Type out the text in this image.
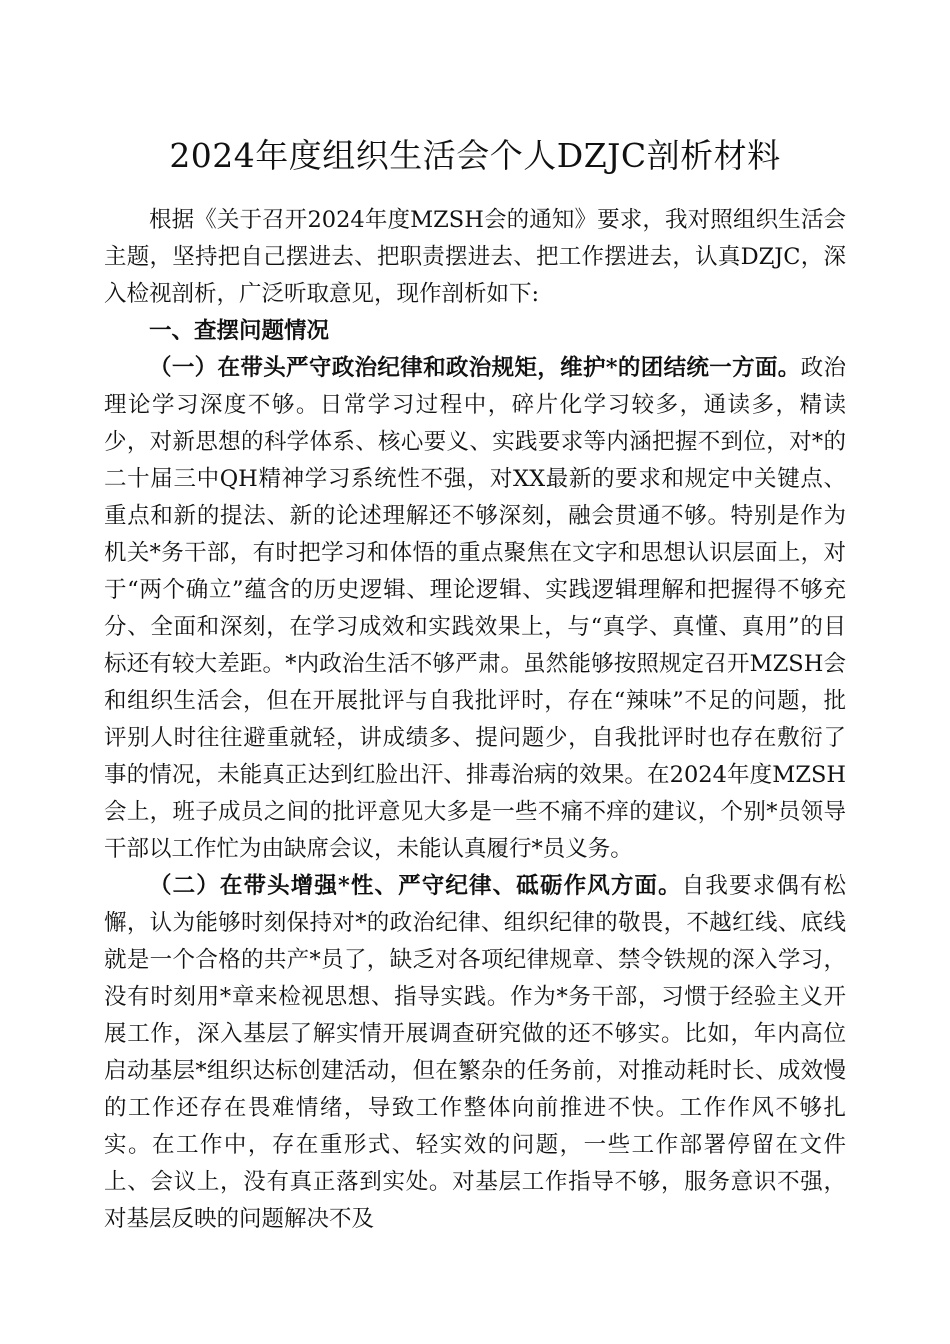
2024年度组织生活会个人DZJC剖析材料

根据《关于召开2024年度MZSH会的通知》要求，我对照组织生活会主题，坚持把自己摆进去、把职责摆进去、把工作摆进去，认真DZJC，深入检视剖析，广泛听取意见，现作剖析如下:

一、查摆问题情况

（一）在带头严守政治纪律和政治规矩，维护*的团结统一方面。政治理论学习深度不够。日常学习过程中，碎片化学习较多，通读多，精读少，对新思想的科学体系、核心要义、实践要求等内涵把握不到位，对*的二十届三中QH精神学习系统性不强，对XX最新的要求和规定中关键点、重点和新的提法、新的论述理解还不够深刻，融会贯通不够。特别是作为机关*务干部，有时把学习和体悟的重点聚焦在文字和思想认识层面上，对于“两个确立”蕴含的历史逻辑、理论逻辑、实践逻辑理解和把握得不够充分、全面和深刻，在学习成效和实践效果上，与“真学、真懂、真用”的目标还有较大差距。*内政治生活不够严肃。虽然能够按照规定召开MZSH会和组织生活会，但在开展批评与自我批评时，存在“辣味”不足的问题，批评别人时往往避重就轻，讲成绩多、提问题少，自我批评时也存在敷衍了事的情况，未能真正达到红脸出汗、排毒治病的效果。在2024年度MZSH会上，班子成员之间的批评意见大多是一些不痛不痒的建议，个别*员领导干部以工作忙为由缺席会议，未能认真履行*员义务。

（二）在带头增强*性、严守纪律、砥砺作风方面。自我要求偶有松懈，认为能够时刻保持对*的政治纪律、组织纪律的敬畏，不越红线、底线就是一个合格的共产*员了，缺乏对各项纪律规章、禁令铁规的深入学习，没有时刻用*章来检视思想、指导实践。作为*务干部，习惯于经验主义开展工作，深入基层了解实情开展调查研究做的还不够实。比如，年内高位启动基层*组织达标创建活动，但在繁杂的任务前，对推动耗时长、成效慢的工作还存在畏难情绪，导致工作整体向前推进不快。工作作风不够扎实。在工作中，存在重形式、轻实效的问题，一些工作部署停留在文件上、会议上，没有真正落到实处。对基层工作指导不够，服务意识不强，对基层反映的问题解决不及
